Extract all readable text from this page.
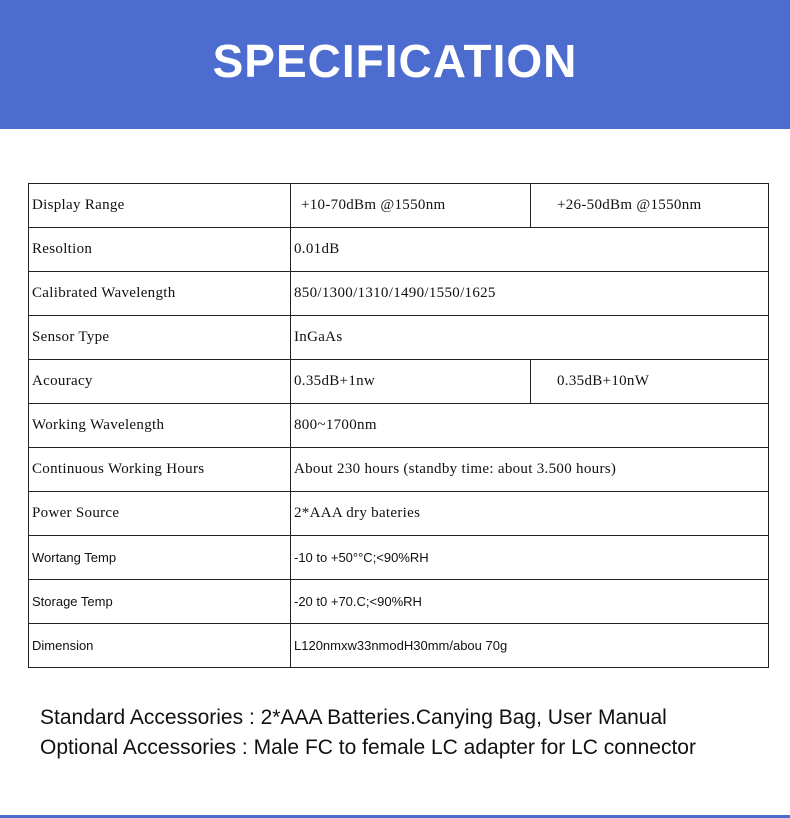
SPECIFICATION
Display Range	+10-70dBm @1550nm	+26-50dBm @1550nm
Resoltion	0.01dB	
Calibrated Wavelength	850/1300/1310/1490/1550/1625	
Sensor Type	InGaAs	
Acouracy	0.35dB+1nw	0.35dB+10nW
Working Wavelength	800~1700nm	
Continuous Working Hours	About 230 hours (standby time: about 3.500 hours)	
Power Source	2*AAA dry bateries	
Wortang Temp	-10 to +50°°C;<90%RH	
Storage Temp	-20 t0 +70.C;<90%RH	
Dimension	L120nmxw33nmodH30mm/abou 70g	
Standard Accessories : 2*AAA Batteries.Canying Bag, User Manual
Optional Accessories : Male FC to female LC adapter for LC connector
